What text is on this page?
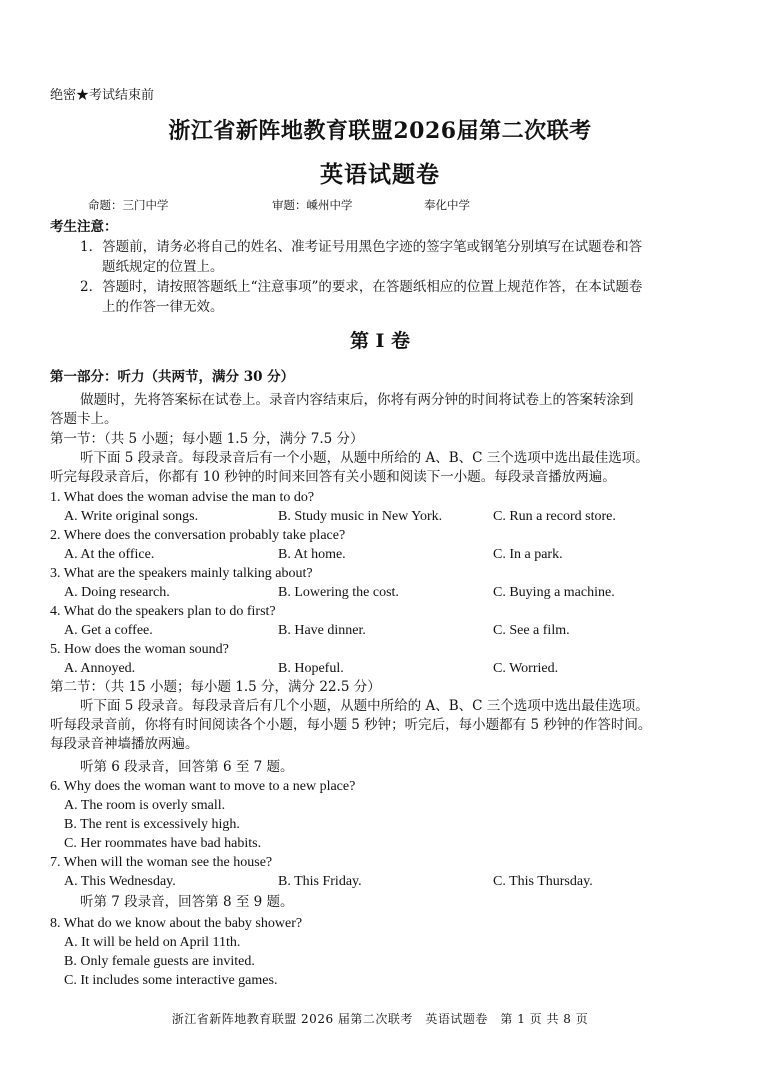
绝密★考试结束前
浙江省新阵地教育联盟2026届第二次联考
英语试题卷
命题：三门中学	审题：嵊州中学	奉化中学
考生注意：
1．答题前，请务必将自己的姓名、准考证号用黑色字迹的签字笔或钢笔分别填写在试题卷和答
题纸规定的位置上。
2．答题时，请按照答题纸上“注意事项”的要求，在答题纸相应的位置上规范作答，在本试题卷
上的作答一律无效。
第 I 卷
第一部分：听力（共两节，满分 30 分）
做题时，先将答案标在试卷上。录音内容结束后，你将有两分钟的时间将试卷上的答案转涂到
答题卡上。
第一节：（共 5 小题；每小题 1.5 分，满分 7.5 分）
听下面 5 段录音。每段录音后有一个小题，从题中所给的 A、B、C 三个选项中选出最佳选项。
听完每段录音后，你都有 10 秒钟的时间来回答有关小题和阅读下一小题。每段录音播放两遍。
1. What does the woman advise the man to do?
A. Write original songs.	B. Study music in New York.	C. Run a record store.
2. Where does the conversation probably take place?
A. At the office.	B. At home.	C. In a park.
3. What are the speakers mainly talking about?
A. Doing research.	B. Lowering the cost.	C. Buying a machine.
4. What do the speakers plan to do first?
A. Get a coffee.	B. Have dinner.	C. See a film.
5. How does the woman sound?
A. Annoyed.	B. Hopeful.	C. Worried.
第二节：（共 15 小题；每小题 1.5 分，满分 22.5 分）
听下面 5 段录音。每段录音后有几个小题，从题中所给的 A、B、C 三个选项中选出最佳选项。
听每段录音前，你将有时间阅读各个小题，每小题 5 秒钟；听完后，每小题都有 5 秒钟的作答时间。
每段录音神墙播放两遍。
听第 6 段录音，回答第 6 至 7 题。
6. Why does the woman want to move to a new place?
A. The room is overly small.
B. The rent is excessively high.
C. Her roommates have bad habits.
7. When will the woman see the house?
A. This Wednesday.	B. This Friday.	C. This Thursday.
听第 7 段录音，回答第 8 至 9 题。
8. What do we know about the baby shower?
A. It will be held on April 11th.
B. Only female guests are invited.
C. It includes some interactive games.
浙江省新阵地教育联盟 2026 届第二次联考　英语试题卷　第 1 页 共 8 页
